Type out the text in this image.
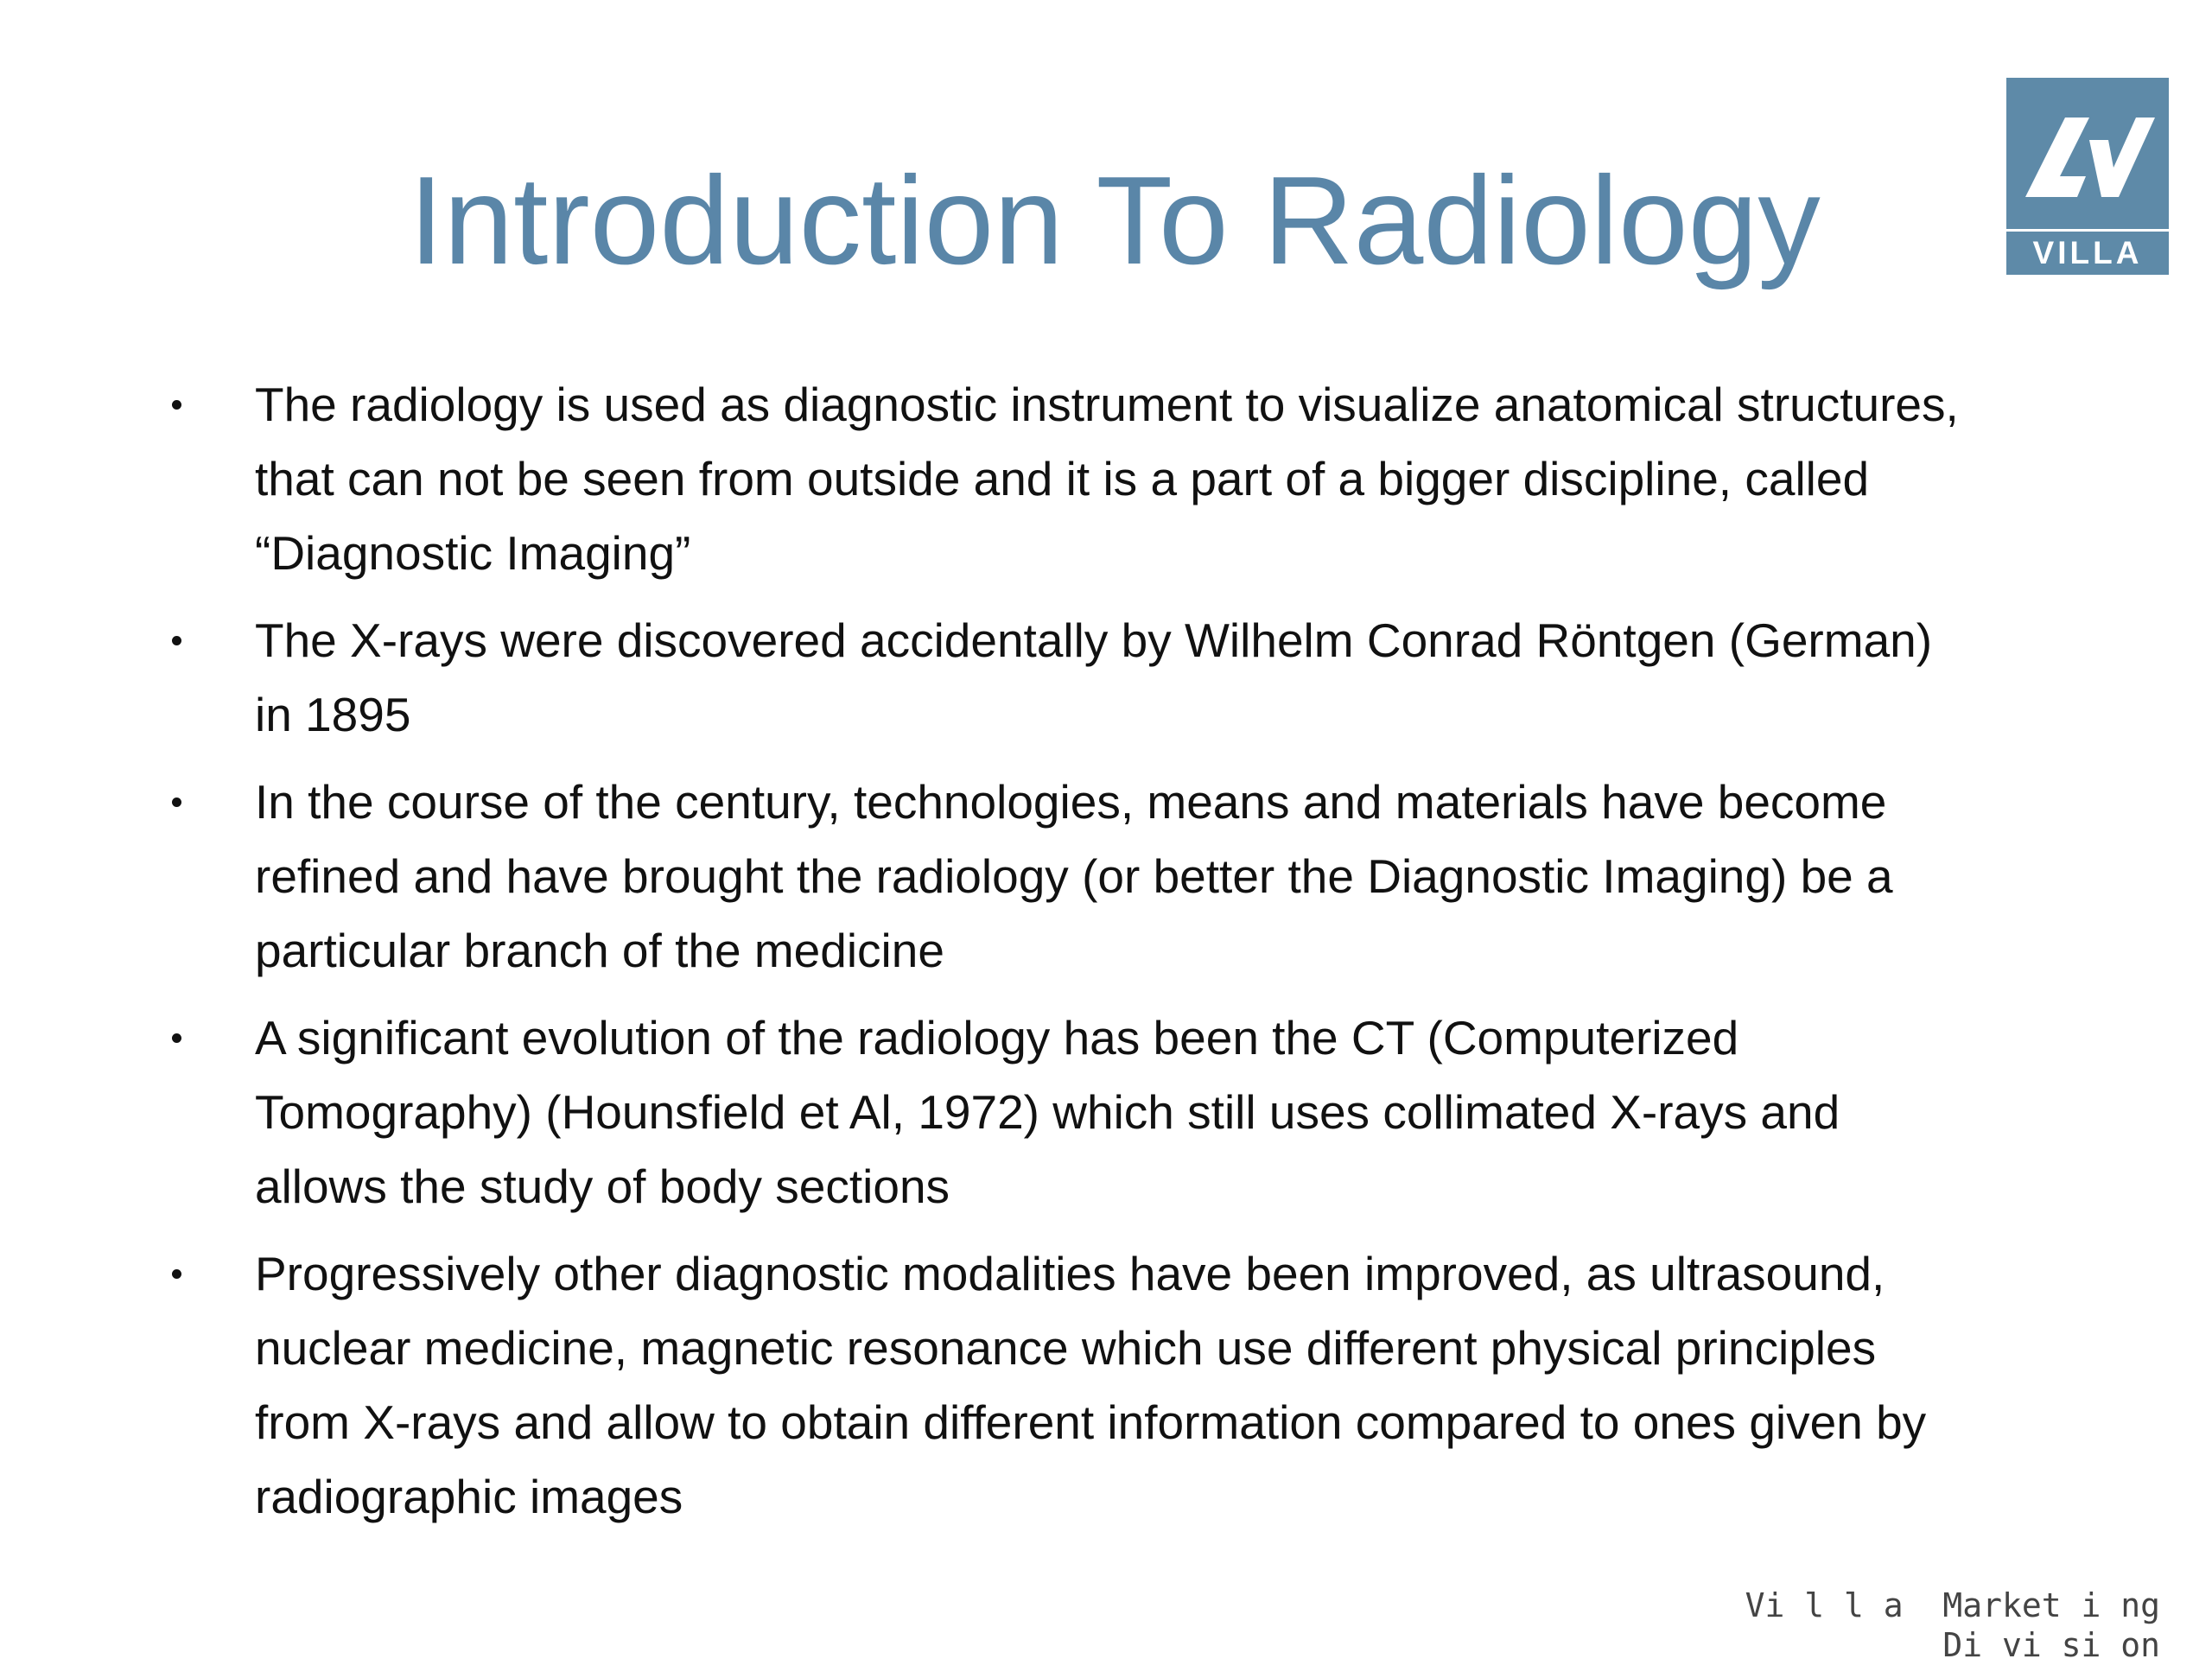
Introduction To Radiology	VILLA
The radiology is used as diagnostic instrument to visualize anatomical structures,
that can not be seen from outside and it is a part of a bigger discipline, called
“Diagnostic Imaging”
The X-rays were discovered accidentally by Wilhelm Conrad Röntgen (German)
in 1895
In the course of the century, technologies, means and materials have become
refined and have brought the radiology (or better the Diagnostic Imaging) be a
particular branch of the medicine
A significant evolution of the radiology has been the CT (Computerized
Tomography) (Hounsfield et Al, 1972) which still uses collimated X-rays and
allows the study of body sections
Progressively other diagnostic modalities have been improved, as ultrasound,
nuclear medicine, magnetic resonance which use different physical principles
from X-rays and allow to obtain different information compared to ones given by
radiographic images
Vi l l a  Market i ng
Di vi si on
